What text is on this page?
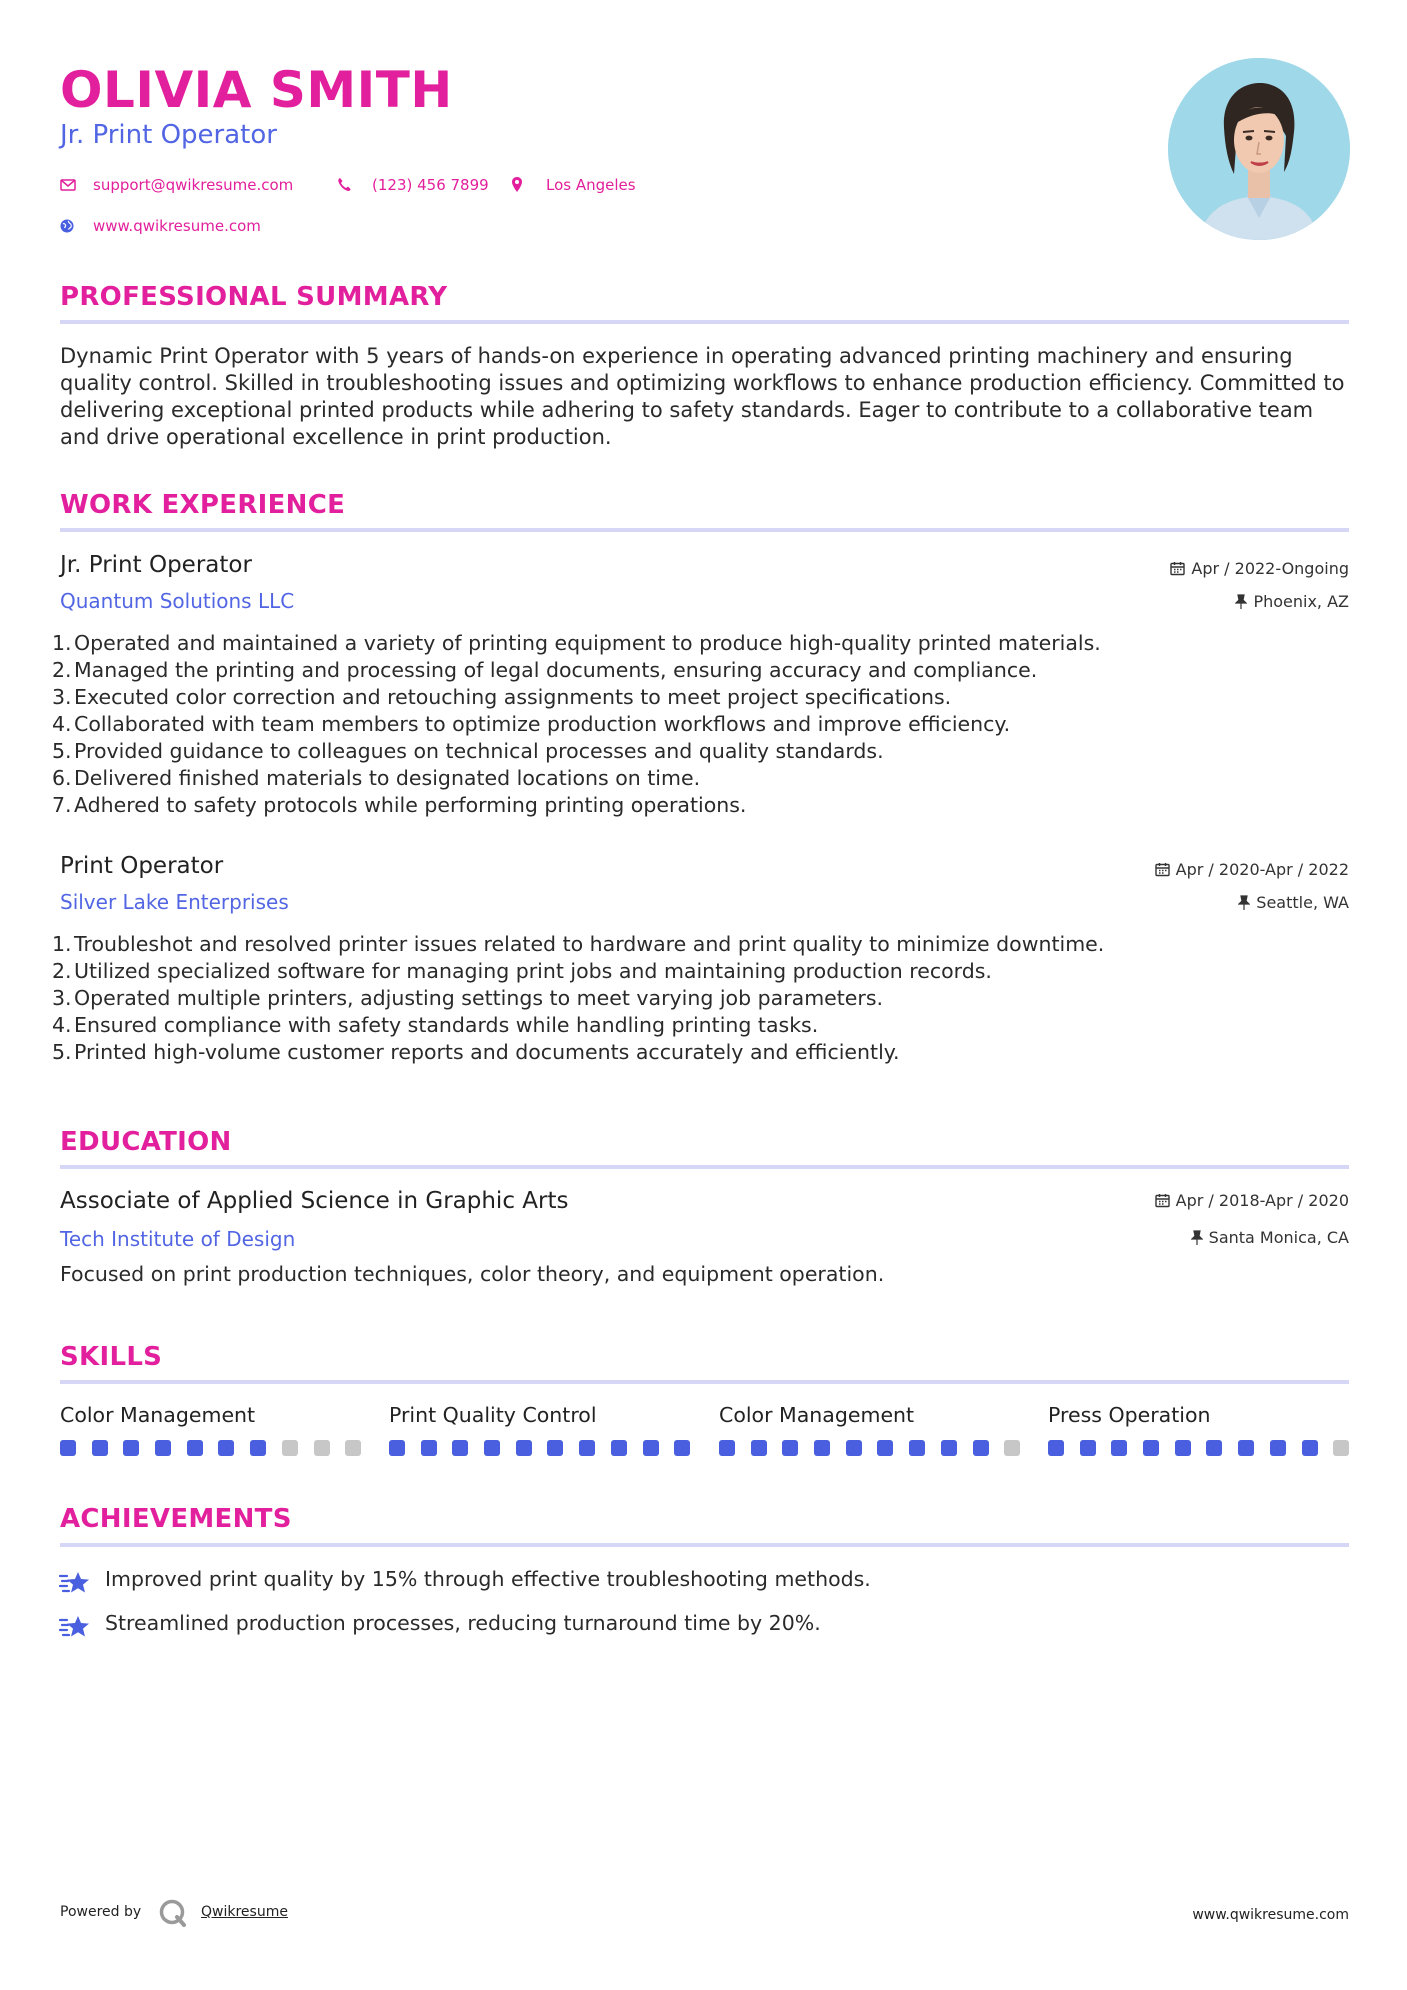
OLIVIA SMITH
Jr. Print Operator
support@qwikresume.com	(123) 456 7899	Los Angeles
www.qwikresume.com
PROFESSIONAL SUMMARY
Dynamic Print Operator with 5 years of hands-on experience in operating advanced printing machinery and ensuring quality control. Skilled in troubleshooting issues and optimizing workflows to enhance production efficiency. Committed to delivering exceptional printed products while adhering to safety standards. Eager to contribute to a collaborative team and drive operational excellence in print production.
WORK EXPERIENCE
Jr. Print Operator
Quantum Solutions LLC
Apr / 2022-Ongoing
Phoenix, AZ
1. Operated and maintained a variety of printing equipment to produce high-quality printed materials.
2. Managed the printing and processing of legal documents, ensuring accuracy and compliance.
3. Executed color correction and retouching assignments to meet project specifications.
4. Collaborated with team members to optimize production workflows and improve efficiency.
5. Provided guidance to colleagues on technical processes and quality standards.
6. Delivered finished materials to designated locations on time.
7. Adhered to safety protocols while performing printing operations.
Print Operator
Silver Lake Enterprises
Apr / 2020-Apr / 2022
Seattle, WA
1. Troubleshot and resolved printer issues related to hardware and print quality to minimize downtime.
2. Utilized specialized software for managing print jobs and maintaining production records.
3. Operated multiple printers, adjusting settings to meet varying job parameters.
4. Ensured compliance with safety standards while handling printing tasks.
5. Printed high-volume customer reports and documents accurately and efficiently.
EDUCATION
Associate of Applied Science in Graphic Arts
Tech Institute of Design
Apr / 2018-Apr / 2020
Santa Monica, CA
Focused on print production techniques, color theory, and equipment operation.
SKILLS
Color Management	Print Quality Control	Color Management	Press Operation
ACHIEVEMENTS
Improved print quality by 15% through effective troubleshooting methods.
Streamlined production processes, reducing turnaround time by 20%.
Powered by	Qwikresume	www.qwikresume.com
